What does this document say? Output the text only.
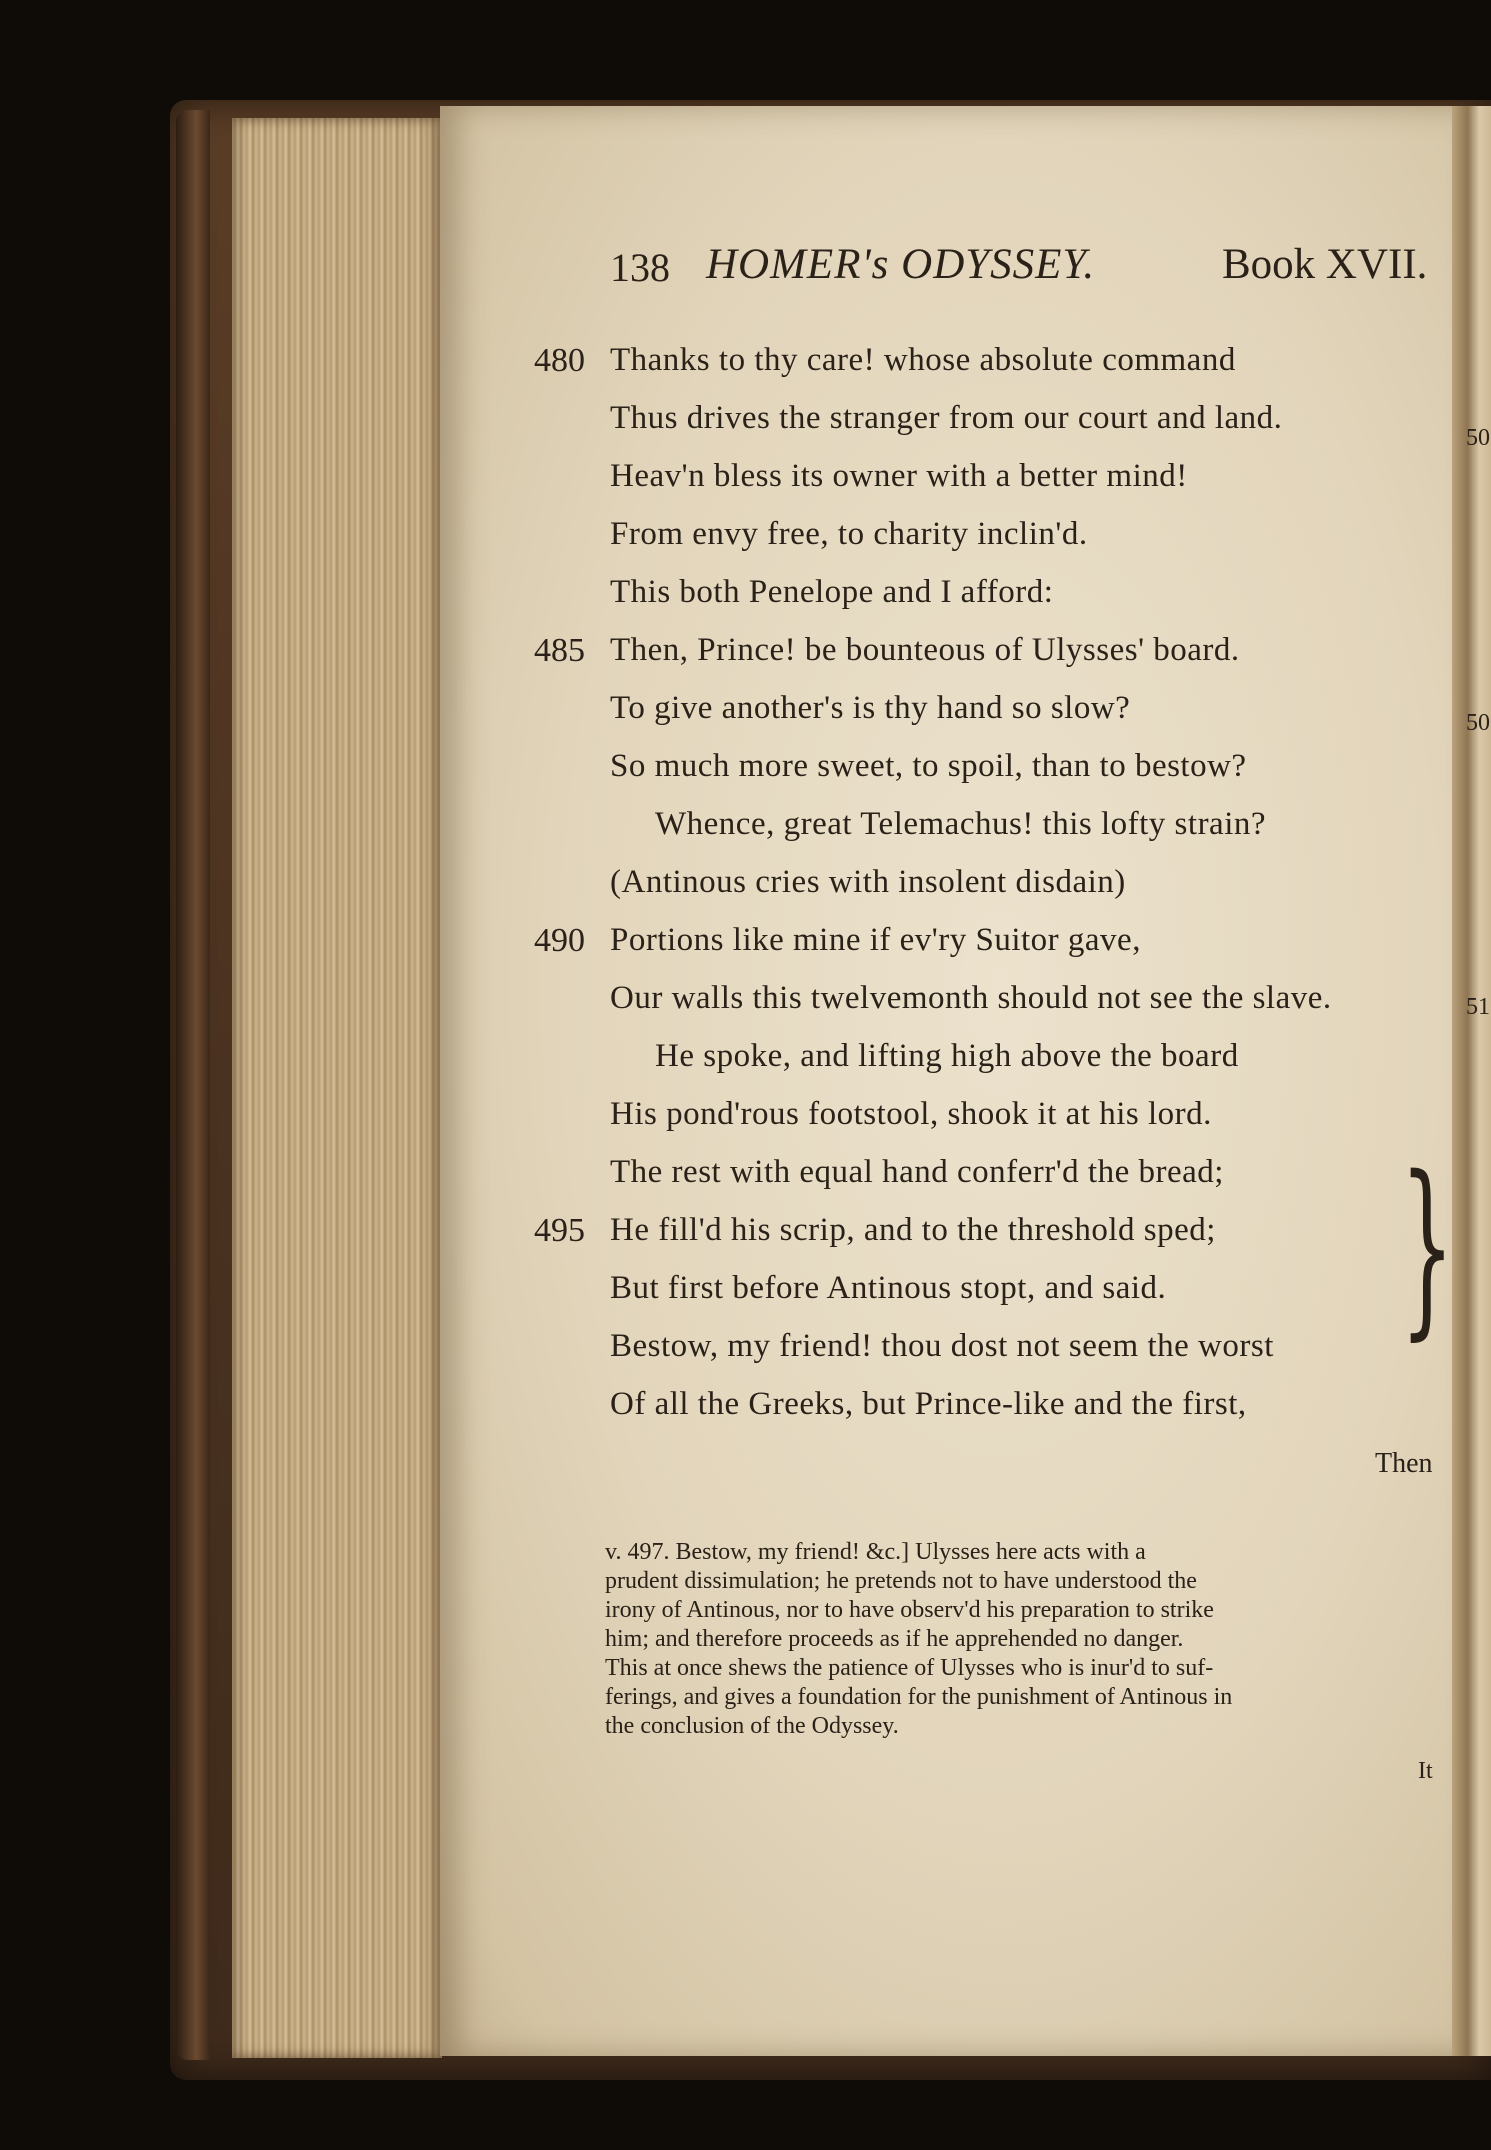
138 HOMER's ODYSSEY.	Book XVII.
480 Thanks to thy care! whose absolute command
Thus drives the stranger from our court and land.
Heav'n bless its owner with a better mind!
From envy free, to charity inclin'd.
This both Penelope and I afford:
485 Then, Prince! be bounteous of Ulysses' board.
To give another's is thy hand so slow?
So much more sweet, to spoil, than to bestow?
Whence, great Telemachus! this lofty strain?
(Antinous cries with insolent disdain)
490 Portions like mine if ev'ry Suitor gave,
Our walls this twelvemonth should not see the slave.
He spoke, and lifting high above the board
His pond'rous footstool, shook it at his lord.
The rest with equal hand conferr'd the bread;
495 He fill'd his scrip, and to the threshold sped;
But first before Antinous stopt, and said.
Bestow, my friend! thou dost not seem the worst
Of all the Greeks, but Prince-like and the first,
}
Then
v. 497. Bestow, my friend! &c.] Ulysses here acts with a
prudent dissimulation; he pretends not to have understood the
irony of Antinous, nor to have observ'd his preparation to strike
him; and therefore proceeds as if he apprehended no danger.
This at once shews the patience of Ulysses who is inur'd to suf-
ferings, and gives a foundation for the punishment of Antinous in
the conclusion of the Odyssey.
It
50
50
51
